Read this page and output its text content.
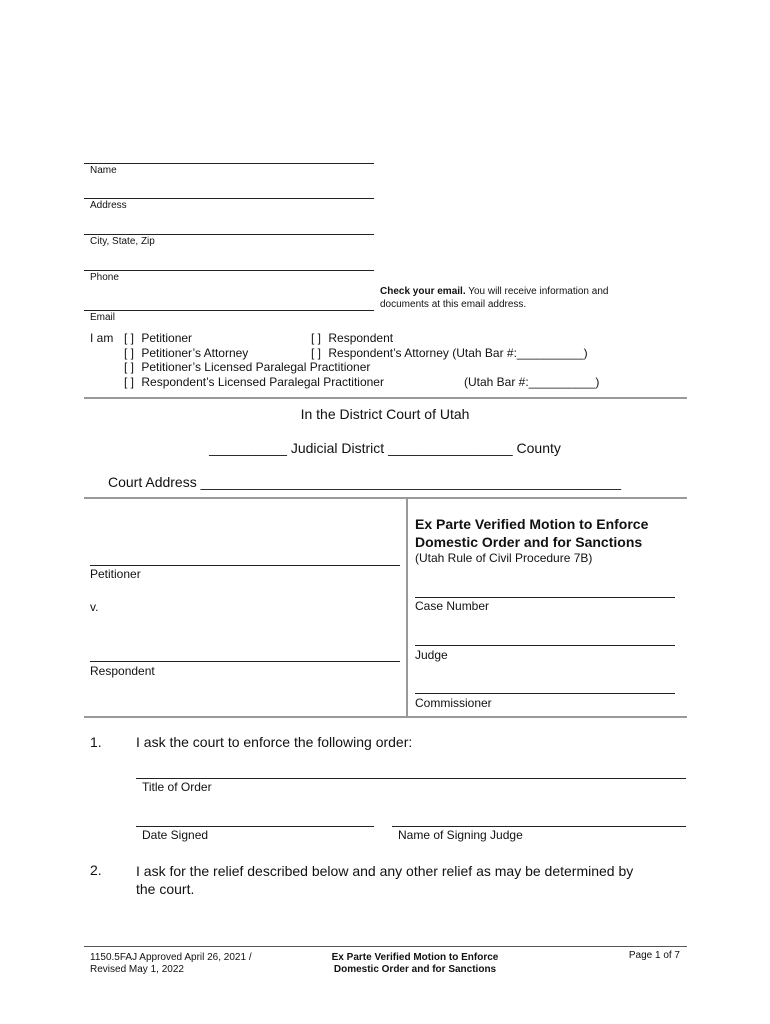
Name
Address
City, State, Zip
Phone
Check your email. You will receive information and
documents at this email address.
Email
I am [ ] Petitioner
[ ] Petitioner’s Attorney
[ ] Petitioner’s Licensed Paralegal Practitioner
[ ] Respondent’s Licensed Paralegal Practitioner
[ ] Respondent
[ ] Respondent’s Attorney (Utah Bar #:__________)
(Utah Bar #:__________)
In the District Court of Utah
__________ Judicial District ________________ County
Court Address ______________________________________________________
Petitioner
v.
Respondent
Ex Parte Verified Motion to Enforce
Domestic Order and for Sanctions
(Utah Rule of Civil Procedure 7B)
Case Number
Judge
Commissioner
1. I ask the court to enforce the following order:
Title of Order
Date Signed	Name of Signing Judge
2. I ask for the relief described below and any other relief as may be determined by
the court.
1150.5FAJ Approved April 26, 2021 /
Revised May 1, 2022
Ex Parte Verified Motion to Enforce
Domestic Order and for Sanctions
Page 1 of 7
